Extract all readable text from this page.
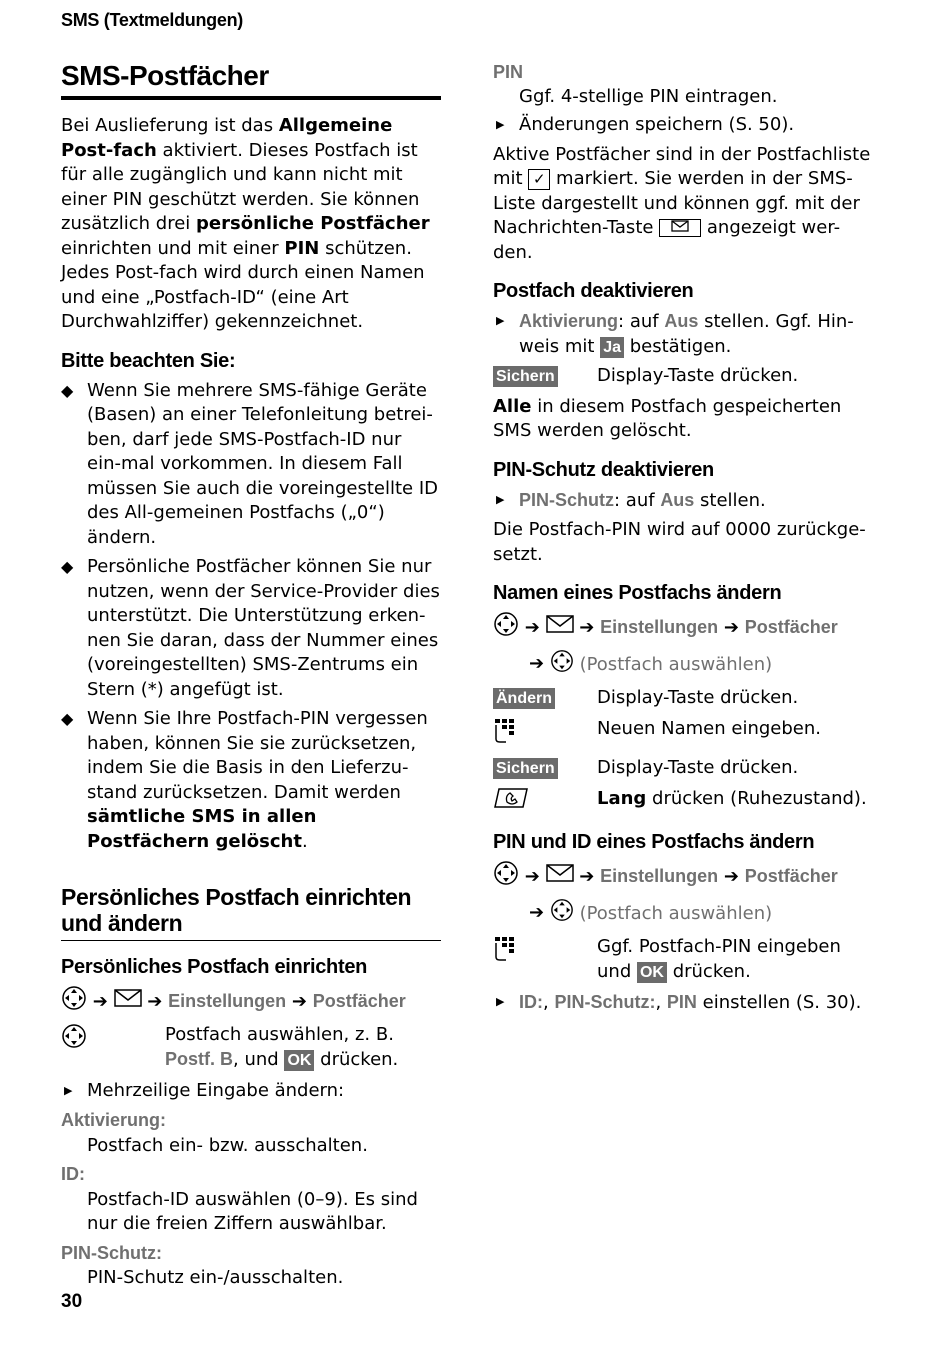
SMS (Textmeldungen)
SMS-Postfächer

Bei Auslieferung ist das Allgemeine Post-fach aktiviert. Dieses Postfach ist für alle zugänglich und kann nicht mit einer PIN geschützt werden. Sie können zusätzlich drei persönliche Postfächer einrichten und mit einer PIN schützen. Jedes Post-fach wird durch einen Namen und eine „Postfach-ID“ (eine Art Durchwahlziffer) gekennzeichnet.

Bitte beachten Sie:
◆ Wenn Sie mehrere SMS-fähige Geräte (Basen) an einer Telefonleitung betrei-ben, darf jede SMS-Postfach-ID nur ein-mal vorkommen. In diesem Fall müssen Sie auch die voreingestellte ID des All-gemeinen Postfachs („0“) ändern.
◆ Persönliche Postfächer können Sie nur nutzen, wenn der Service-Provider dies unterstützt. Die Unterstützung erken-nen Sie daran, dass der Nummer eines (voreingestellten) SMS-Zentrums ein Stern (*) angefügt ist.
◆ Wenn Sie Ihre Postfach-PIN vergessen haben, können Sie sie zurücksetzen, indem Sie die Basis in den Lieferzu-stand zurücksetzen. Damit werden sämtliche SMS in allen Postfächern gelöscht.
Persönliches Postfach einrichten und ändern
Persönliches Postfach einrichten
➔ ➔ Einstellungen ➔ Postfächer
Postfach auswählen, z. B. Postf. B, und OK drücken.
▶ Mehrzeilige Eingabe ändern:
Aktivierung:
Postfach ein- bzw. ausschalten.
ID:
Postfach-ID auswählen (0–9). Es sind nur die freien Ziffern auswählbar.
PIN-Schutz:
PIN-Schutz ein-/ausschalten.
PIN
Ggf. 4-stellige PIN eintragen.
▶ Änderungen speichern (S. 50).

Aktive Postfächer sind in der Postfachliste mit ✓ markiert. Sie werden in der SMS-Liste dargestellt und können ggf. mit der Nachrichten-Taste  angezeigt wer-den.

Postfach deaktivieren
▶ Aktivierung: auf Aus stellen. Ggf. Hin-weis mit Ja bestätigen.
Sichern	Display-Taste drücken.

Alle in diesem Postfach gespeicherten SMS werden gelöscht.

PIN-Schutz deaktivieren
▶ PIN-Schutz: auf Aus stellen.

Die Postfach-PIN wird auf 0000 zurückge-setzt.

Namen eines Postfachs ändern
➔ ➔ Einstellungen ➔ Postfächer
➔ (Postfach auswählen)
Ändern	Display-Taste drücken.
Neuen Namen eingeben.
Sichern	Display-Taste drücken.
Lang drücken (Ruhezustand).
PIN und ID eines Postfachs ändern
➔ ➔ Einstellungen ➔ Postfächer
➔ (Postfach auswählen)
Ggf. Postfach-PIN eingeben und OK drücken.
▶ ID:, PIN-Schutz:, PIN einstellen (S. 30).
30
